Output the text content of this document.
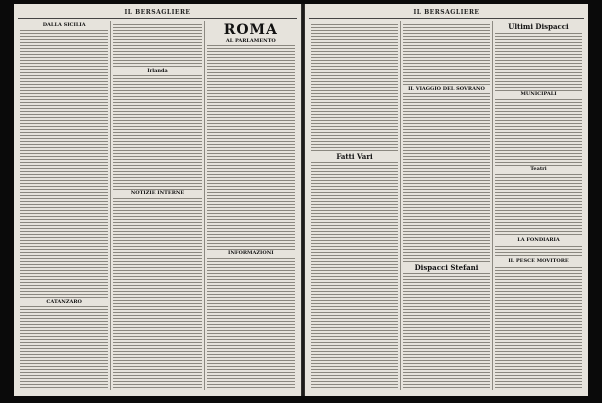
IL BERSAGLIERE
DALLA SICILIA
CATANZARO
Irlanda
NOTIZIE INTERNE
ROMA
AL PARLAMENTO
INFORMAZIONI
IL BERSAGLIERE
Fatti Vari
IL VIAGGIO DEL SOVRANO
Dispacci Stefani
Ultimi Dispacci
MUNICIPALI
Teatri
LA FONDIARIA
IL PESCE MOVITORE
